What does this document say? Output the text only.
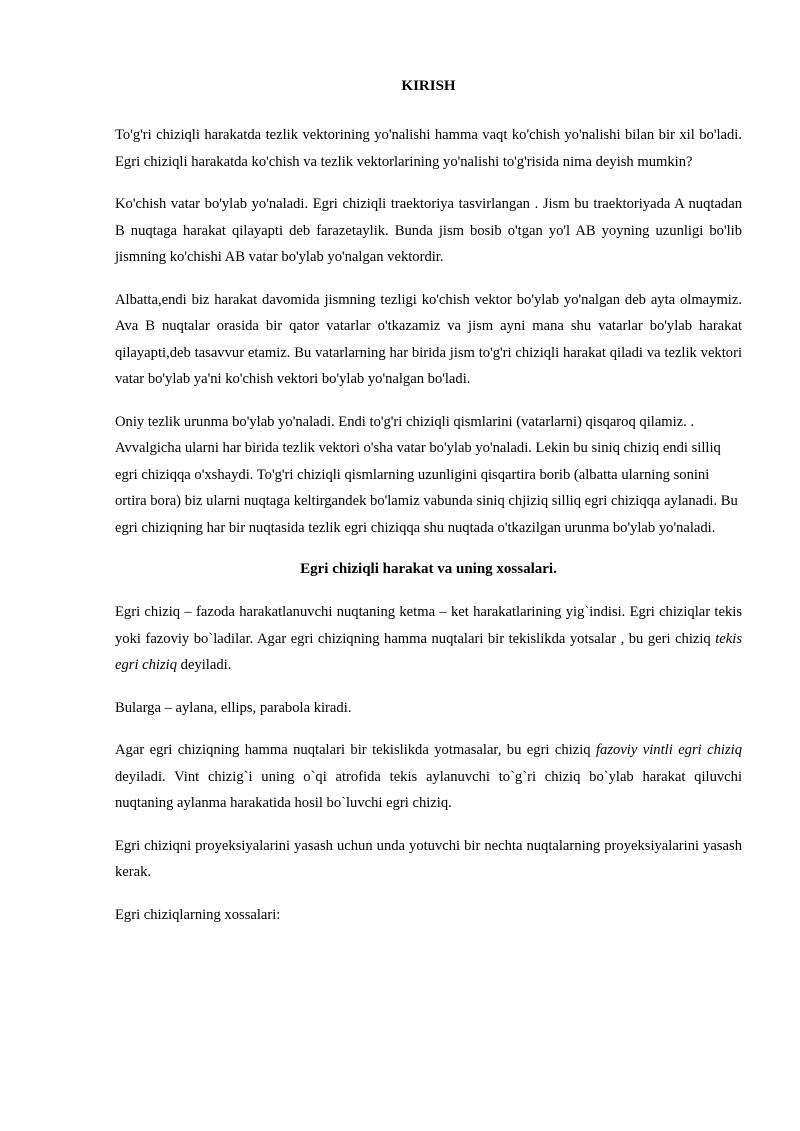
KIRISH

To'g'ri chiziqli harakatda tezlik vektorining yo'nalishi hamma vaqt ko'chish yo'nalishi bilan bir xil bo'ladi. Egri chiziqli harakatda ko'chish va tezlik vektorlarining yo'nalishi to'g'risida nima deyish mumkin?

Ko'chish vatar bo'ylab yo'naladi. Egri chiziqli traektoriya tasvirlangan . Jism bu traektoriyada A nuqtadan B nuqtaga harakat qilayapti deb farazetaylik. Bunda jism bosib o'tgan yo'l AB yoyning uzunligi bo'lib jismning ko'chishi AB vatar bo'ylab yo'nalgan vektordir.

Albatta,endi biz harakat davomida jismning tezligi ko'chish vektor bo'ylab yo'nalgan deb ayta olmaymiz. Ava B nuqtalar orasida bir qator vatarlar o'tkazamiz va jism ayni mana shu vatarlar bo'ylab harakat qilayapti,deb tasavvur etamiz. Bu vatarlarning har birida jism to'g'ri chiziqli harakat qiladi va tezlik vektori vatar bo'ylab ya'ni ko'chish vektori bo'ylab yo'nalgan bo'ladi.

Oniy tezlik urunma bo'ylab yo'naladi. Endi to'g'ri chiziqli qismlarini (vatarlarni) qisqaroq qilamiz. . Avvalgicha ularni har birida tezlik vektori o'sha vatar bo'ylab yo'naladi. Lekin bu siniq chiziq endi silliq egri chiziqqa o'xshaydi. To'g'ri chiziqli qismlarning uzunligini qisqartira borib (albatta ularning sonini ortira bora) biz ularni nuqtaga keltirgandek bo'lamiz vabunda siniq chjiziq silliq egri chiziqqa aylanadi. Bu egri chiziqning har bir nuqtasida tezlik egri chiziqqa shu nuqtada o'tkazilgan urunma bo'ylab yo'naladi.

Egri chiziqli harakat va uning xossalari.

Egri chiziq – fazoda harakatlanuvchi nuqtaning ketma – ket harakatlarining yig`indisi. Egri chiziqlar tekis yoki fazoviy bo`ladilar. Agar egri chiziqning hamma nuqtalari bir tekislikda yotsalar , bu geri chiziq tekis egri chiziq deyiladi.

Bularga – aylana, ellips, parabola kiradi.

Agar egri chiziqning hamma nuqtalari bir tekislikda yotmasalar, bu egri chiziq fazoviy vintli egri chiziq deyiladi. Vint chizig`i uning o`qi atrofida tekis aylanuvchi to`g`ri chiziq bo`ylab harakat qiluvchi nuqtaning aylanma harakatida hosil bo`luvchi egri chiziq.

Egri chiziqni proyeksiyalarini yasash uchun unda yotuvchi bir nechta nuqtalarning proyeksiyalarini yasash kerak.

Egri chiziqlarning xossalari:
